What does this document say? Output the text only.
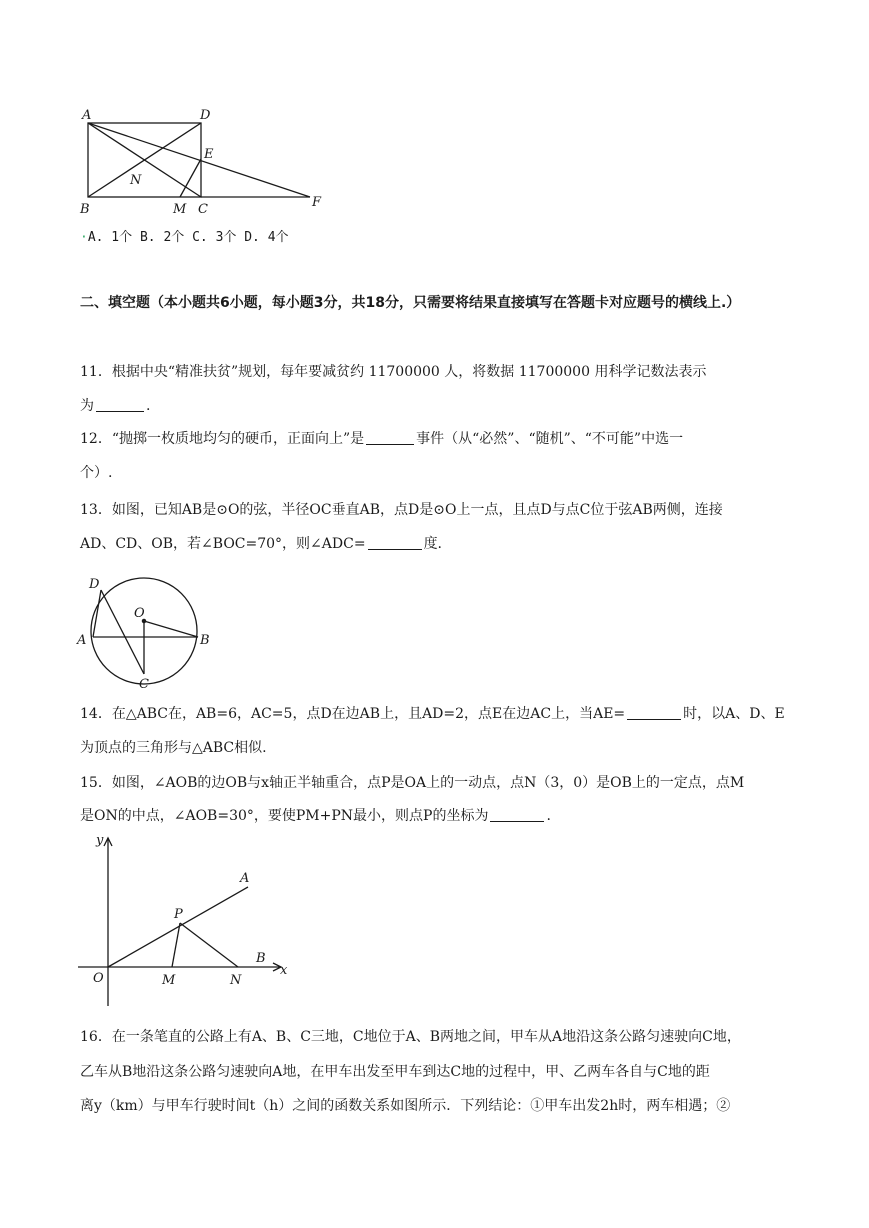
A	D
E
N
B	M C	F
·A. 1个 B. 2个 C. 3个 D. 4个
二、填空题（本小题共6小题，每小题3分，共18分，只需要将结果直接填写在答题卡对应题号的横线上.）
11．根据中央“精准扶贫”规划，每年要减贫约 11700000 人，将数据 11700000 用科学记数法表示
为	.
12．“抛掷一枚质地均匀的硬币，正面向上”是	事件（从“必然”、“随机”、“不可能”中选一
个）.
13．如图，已知AB是⊙O的弦，半径OC垂直AB，点D是⊙O上一点，且点D与点C位于弦AB两侧，连接
AD、CD、OB，若∠BOC=70°，则∠ADC=	度.
D
O
A	B
C
14．在△ABC在，AB=6，AC=5，点D在边AB上，且AD=2，点E在边AC上，当AE=	时，以A、D、E
为顶点的三角形与△ABC相似.
15．如图，∠AOB的边OB与x轴正半轴重合，点P是OA上的一动点，点N（3，0）是OB上的一定点，点M
是ON的中点，∠AOB=30°，要使PM+PN最小，则点P的坐标为	.
y
A
P
B
x
O	M	N
16．在一条笔直的公路上有A、B、C三地，C地位于A、B两地之间，甲车从A地沿这条公路匀速驶向C地，
乙车从B地沿这条公路匀速驶向A地，在甲车出发至甲车到达C地的过程中，甲、乙两车各自与C地的距
离y（km）与甲车行驶时间t（h）之间的函数关系如图所示．下列结论：①甲车出发2h时，两车相遇；②
